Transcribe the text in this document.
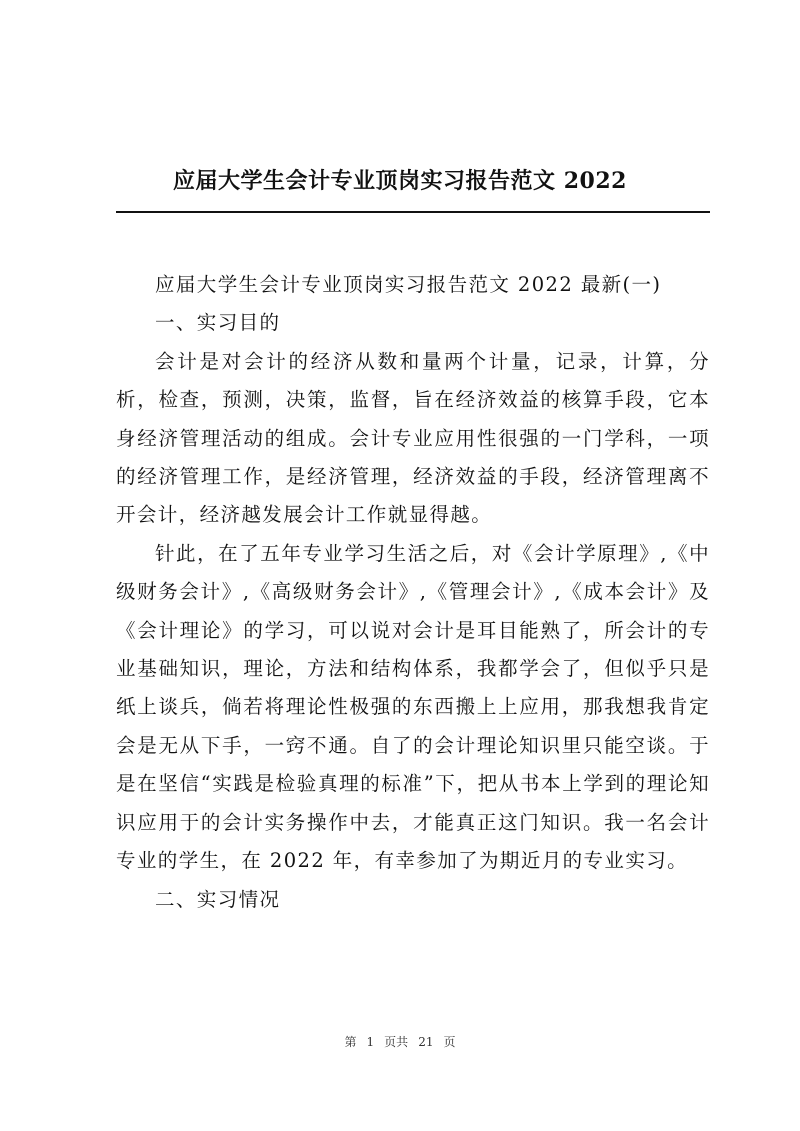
应届大学生会计专业顶岗实习报告范文 2022

应届大学生会计专业顶岗实习报告范文 2022 最新(一)

一、实习目的

会计是对会计的经济从数和量两个计量，记录，计算，分析，检查，预测，决策，监督，旨在经济效益的核算手段，它本身经济管理活动的组成。会计专业应用性很强的一门学科，一项的经济管理工作，是经济管理，经济效益的手段，经济管理离不开会计，经济越发展会计工作就显得越。

针此，在了五年专业学习生活之后，对《会计学原理》,《中级财务会计》,《高级财务会计》,《管理会计》,《成本会计》及《会计理论》的学习，可以说对会计是耳目能熟了，所会计的专业基础知识，理论，方法和结构体系，我都学会了，但似乎只是纸上谈兵，倘若将理论性极强的东西搬上上应用，那我想我肯定会是无从下手，一窍不通。自了的会计理论知识里只能空谈。于是在坚信“实践是检验真理的标准”下，把从书本上学到的理论知识应用于的会计实务操作中去，才能真正这门知识。我一名会计专业的学生，在 2022 年，有幸参加了为期近月的专业实习。

二、实习情况

第 1 页共 21 页
